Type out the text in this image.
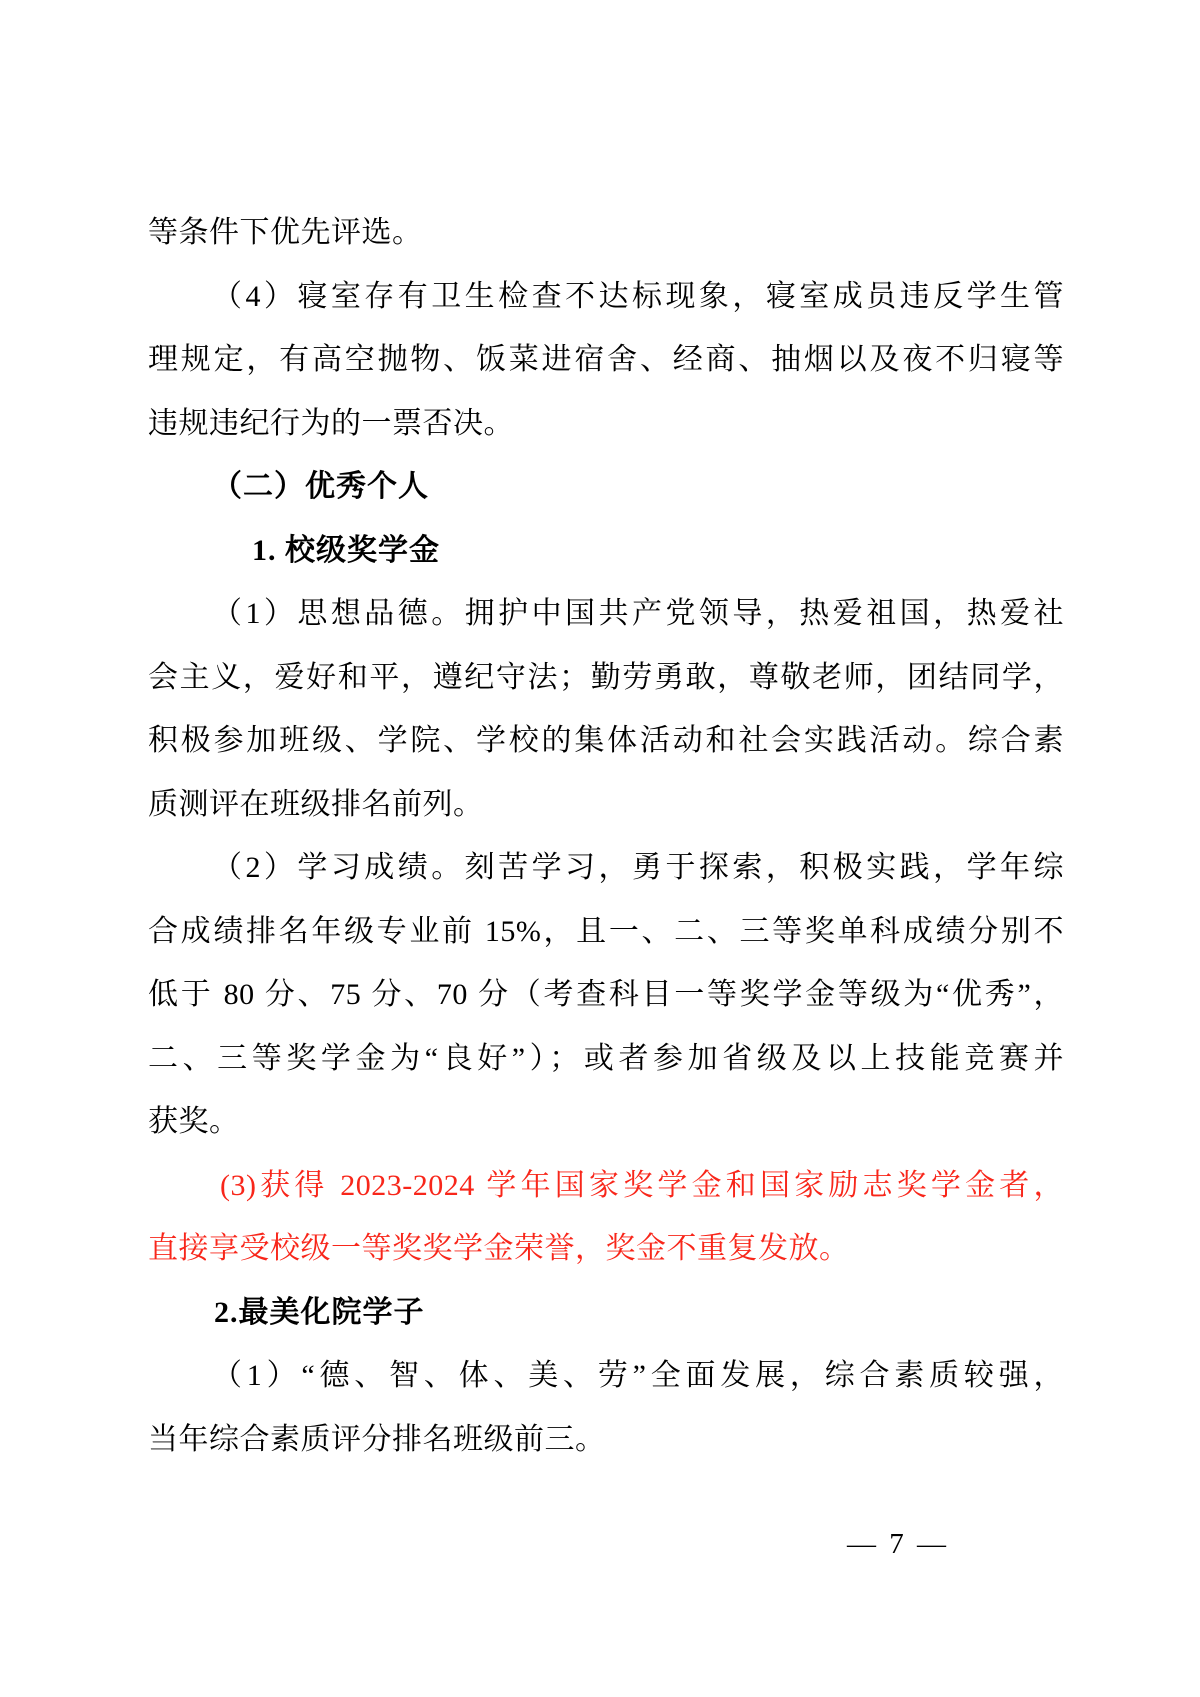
等条件下优先评选。
（4）寝室存有卫生检查不达标现象，寝室成员违反学生管
理规定，有高空抛物、饭菜进宿舍、经商、抽烟以及夜不归寝等
违规违纪行为的一票否决。
（二）优秀个人
1. 校级奖学金
（1）思想品德。拥护中国共产党领导，热爱祖国，热爱社
会主义，爱好和平，遵纪守法；勤劳勇敢，尊敬老师，团结同学，
积极参加班级、学院、学校的集体活动和社会实践活动。综合素
质测评在班级排名前列。
（2）学习成绩。刻苦学习，勇于探索，积极实践，学年综
合成绩排名年级专业前 15%，且一、二、三等奖单科成绩分别不
低于 80 分、75 分、70 分（考查科目一等奖学金等级为“优秀”，
二、三等奖学金为“良好”）；或者参加省级及以上技能竞赛并
获奖。
(3)获得 2023-2024 学年国家奖学金和国家励志奖学金者，
直接享受校级一等奖奖学金荣誉，奖金不重复发放。
2.最美化院学子
（1）“德、智、体、美、劳”全面发展，综合素质较强，
当年综合素质评分排名班级前三。
— 7 —
